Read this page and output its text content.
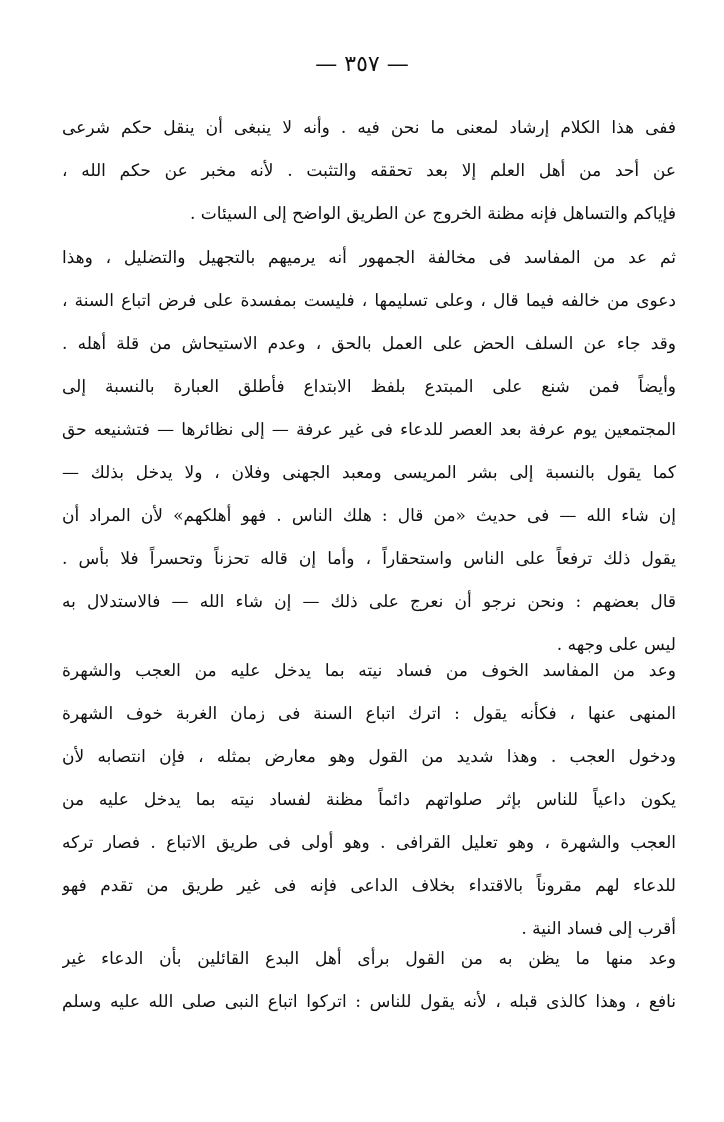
— ٣٥٧ —
ففى هذا الكلام إرشاد لمعنى ما نحن فيه . وأنه لا ينبغى أن ينقل حكم شرعى
عن أحد من أهل العلم إلا بعد تحققه والتثبت . لأنه مخبر عن حكم الله ،
فإياكم والتساهل فإنه مظنة الخروج عن الطريق الواضح إلى السيئات .
ثم عد من المفاسد فى مخالفة الجمهور أنه يرميهم بالتجهيل والتضليل ، وهذا
دعوى من خالفه فيما قال ، وعلى تسليمها ، فليست بمفسدة على فرض اتباع السنة ،
وقد جاء عن السلف الحض على العمل بالحق ، وعدم الاستيحاش من قلة أهله .
وأيضاً فمن شنع على المبتدع بلفظ الابتداع فأطلق العبارة بالنسبة إلى
المجتمعين يوم عرفة بعد العصر للدعاء فى غير عرفة — إلى نظائرها — فتشنيعه حق
كما يقول بالنسبة إلى بشر المريسى ومعبد الجهنى وفلان ، ولا يدخل بذلك —
إن شاء الله — فى حديث «من قال : هلك الناس . فهو أهلكهم» لأن المراد أن
يقول ذلك ترفعاً على الناس واستحقاراً ، وأما إن قاله تحزناً وتحسراً فلا بأس .
قال بعضهم : ونحن نرجو أن نعرج على ذلك — إن شاء الله — فالاستدلال به
ليس على وجهه .
وعد من المفاسد الخوف من فساد نيته بما يدخل عليه من العجب والشهرة
المنهى عنها ، فكأنه يقول : اترك اتباع السنة فى زمان الغربة خوف الشهرة
ودخول العجب . وهذا شديد من القول وهو معارض بمثله ، فإن انتصابه لأن
يكون داعياً للناس بإثر صلواتهم دائماً مظنة لفساد نيته بما يدخل عليه من
العجب والشهرة ، وهو تعليل القرافى . وهو أولى فى طريق الاتباع . فصار تركه
للدعاء لهم مقروناً بالاقتداء بخلاف الداعى فإنه فى غير طريق من تقدم فهو
أقرب إلى فساد النية .
وعد منها ما يظن به من القول برأى أهل البدع القائلين بأن الدعاء غير
نافع ، وهذا كالذى قبله ، لأنه يقول للناس : اتركوا اتباع النبى صلى الله عليه وسلم
